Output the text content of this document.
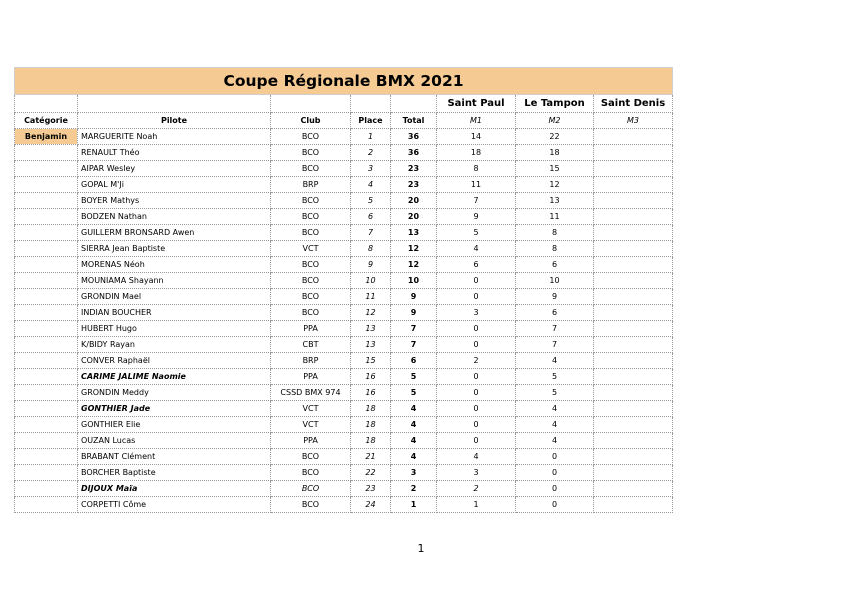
Coupe Régionale BMX 2021							
					Saint Paul	Le Tampon	Saint Denis
Catégorie	Pilote	Club	Place	Total	M1	M2	M3
Benjamin	MARGUERITE Noah	BCO	1	36	14	22	
	RENAULT Théo	BCO	2	36	18	18	
	AIPAR Wesley	BCO	3	23	8	15	
	GOPAL M'Ji	BRP	4	23	11	12	
	BOYER Mathys	BCO	5	20	7	13	
	BODZEN Nathan	BCO	6	20	9	11	
	GUILLERM BRONSARD Awen	BCO	7	13	5	8	
	SIERRA Jean Baptiste	VCT	8	12	4	8	
	MORENAS Néoh	BCO	9	12	6	6	
	MOUNIAMA Shayann	BCO	10	10	0	10	
	GRONDIN Mael	BCO	11	9	0	9	
	INDIAN BOUCHER	BCO	12	9	3	6	
	HUBERT Hugo	PPA	13	7	0	7	
	K/BIDY Rayan	CBT	13	7	0	7	
	CONVER Raphaël	BRP	15	6	2	4	
	CARIME JALIME Naomie	PPA	16	5	0	5	
	GRONDIN Meddy	CSSD BMX 974	16	5	0	5	
	GONTHIER Jade	VCT	18	4	0	4	
	GONTHIER Elie	VCT	18	4	0	4	
	OUZAN Lucas	PPA	18	4	0	4	
	BRABANT Clément	BCO	21	4	4	0	
	BORCHER Baptiste	BCO	22	3	3	0	
	DIJOUX Maïa	BCO	23	2	2	0	
	CORPETTI Côme	BCO	24	1	1	0	
1
